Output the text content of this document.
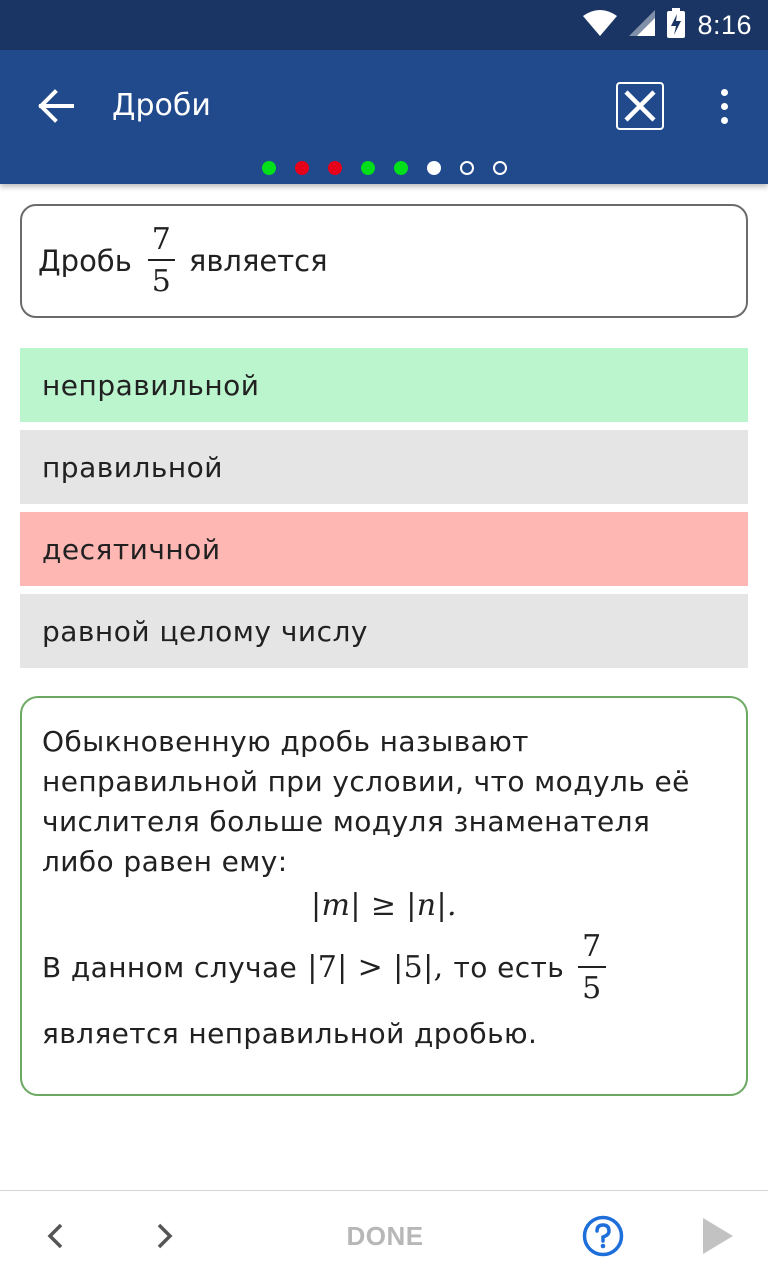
8:16
Дроби
Дробь $\frac{7}{5}$ является
неправильной
правильной
десятичной
равной целому числу
Обыкновенную дробь называют неправильной при условии, что модуль её числителя больше модуля знаменателя либо равен ему:
|m| ≥ |n|.
В данном случае |7| > |5|, то есть $\frac{7}{5}$
является неправильной дробью.
DONE
